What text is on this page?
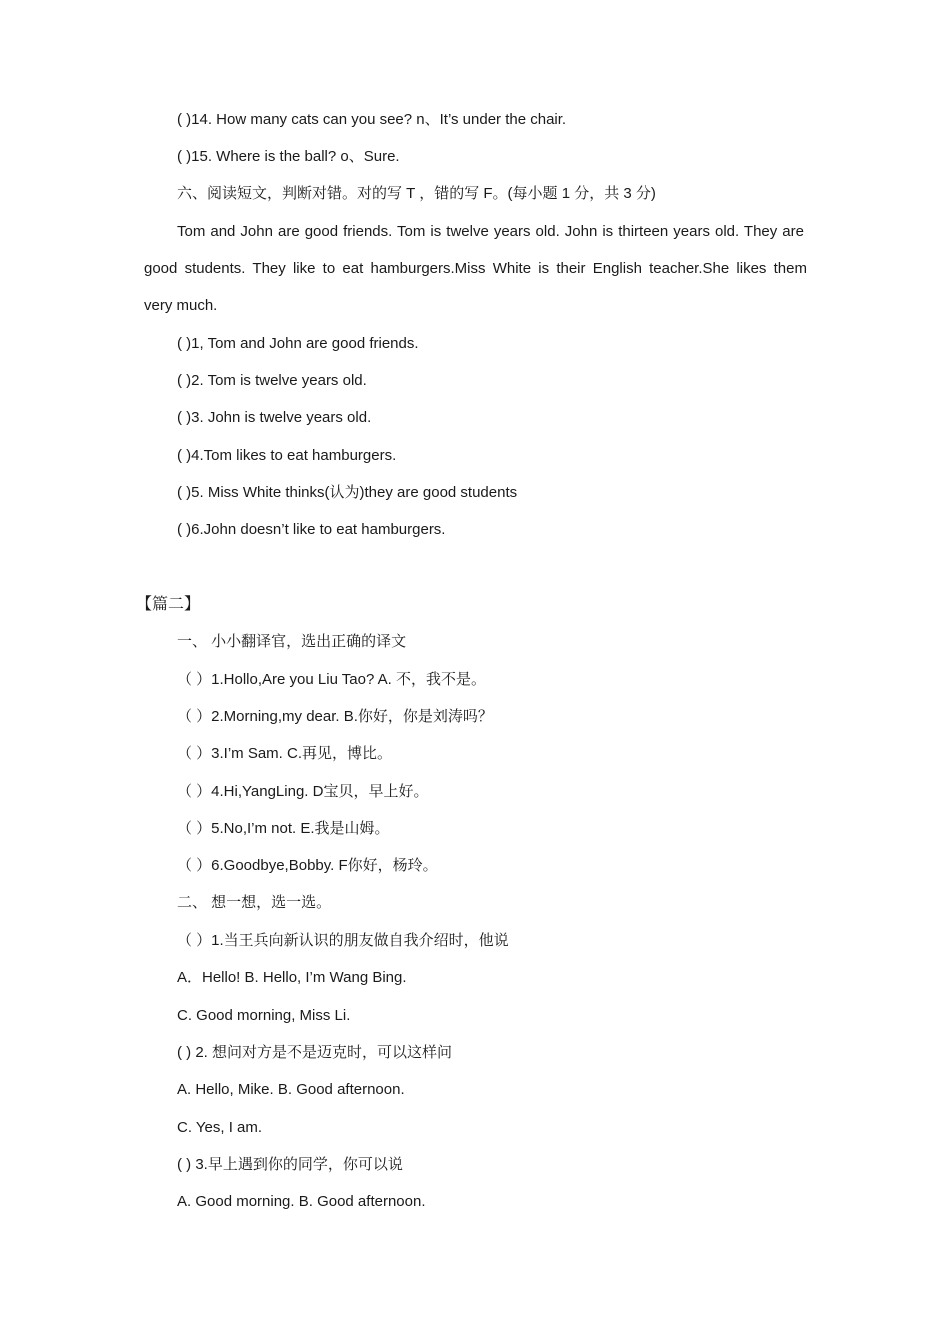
( )14. How many cats can you see? n、It’s under the chair.
( )15. Where is the ball? o、Sure.
六、阅读短文，判断对错。对的写 T ，错的写 F。(每小题 1 分，共 3 分)
Tom and John are good friends. Tom is twelve years old. John is thirteen years old. They are
good students. They like to eat hamburgers.Miss White is their English teacher.She likes them
very much.
( )1, Tom and John are good friends.
( )2. Tom is twelve years old.
( )3. John is twelve years old.
( )4.Tom likes to eat hamburgers.
( )5. Miss White thinks(认为)they are good students
( )6.John doesn’t like to eat hamburgers.
【篇二】
一、 小小翻译官，选出正确的译文
（ ）1.Hollo,Are you Liu Tao? A. 不，我不是。
（ ）2.Morning,my dear. B.你好，你是刘涛吗？
（ ）3.I’m Sam. C.再见，博比。
（ ）4.Hi,YangLing. D宝贝，早上好。
（ ）5.No,I’m not. E.我是山姆。
（ ）6.Goodbye,Bobby. F你好，杨玲。
二、 想一想，选一选。
（ ）1.当王兵向新认识的朋友做自我介绍时，他说
A．Hello! B. Hello, I’m Wang Bing.
C. Good morning, Miss Li.
( ) 2. 想问对方是不是迈克时，可以这样问
A. Hello, Mike. B. Good afternoon.
C. Yes, I am.
( ) 3.早上遇到你的同学，你可以说
A. Good morning. B. Good afternoon.
